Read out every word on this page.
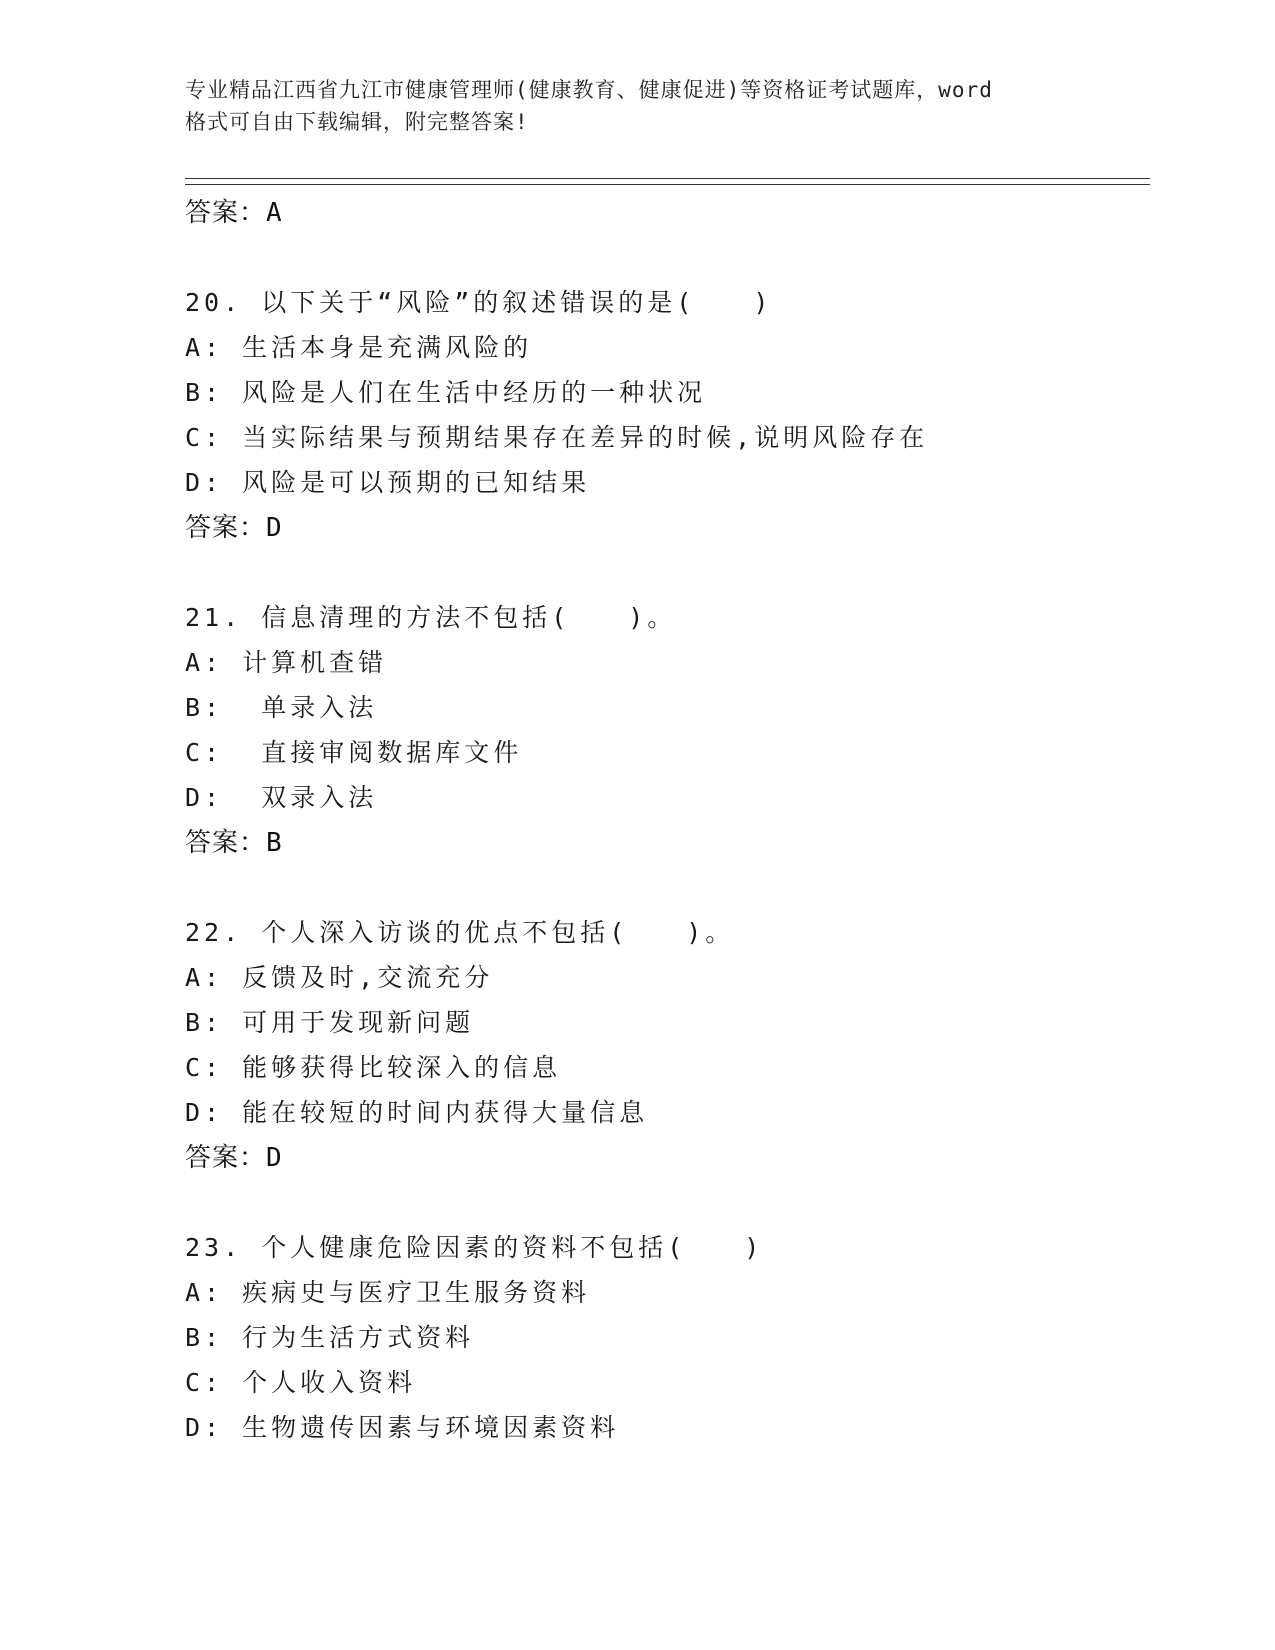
专业精品江西省九江市健康管理师(健康教育、健康促进)等资格证考试题库，word
格式可自由下载编辑，附完整答案!
答案：A
20. 以下关于“风险”的叙述错误的是(　　)
A: 生活本身是充满风险的
B: 风险是人们在生活中经历的一种状况
C: 当实际结果与预期结果存在差异的时候,说明风险存在
D: 风险是可以预期的已知结果
答案：D
21. 信息清理的方法不包括(　　)。
A: 计算机查错
B:  单录入法
C:  直接审阅数据库文件
D:  双录入法
答案：B
22. 个人深入访谈的优点不包括(　　)。
A: 反馈及时,交流充分
B: 可用于发现新问题
C: 能够获得比较深入的信息
D: 能在较短的时间内获得大量信息
答案：D
23. 个人健康危险因素的资料不包括(　　)
A: 疾病史与医疗卫生服务资料
B: 行为生活方式资料
C: 个人收入资料
D: 生物遗传因素与环境因素资料
